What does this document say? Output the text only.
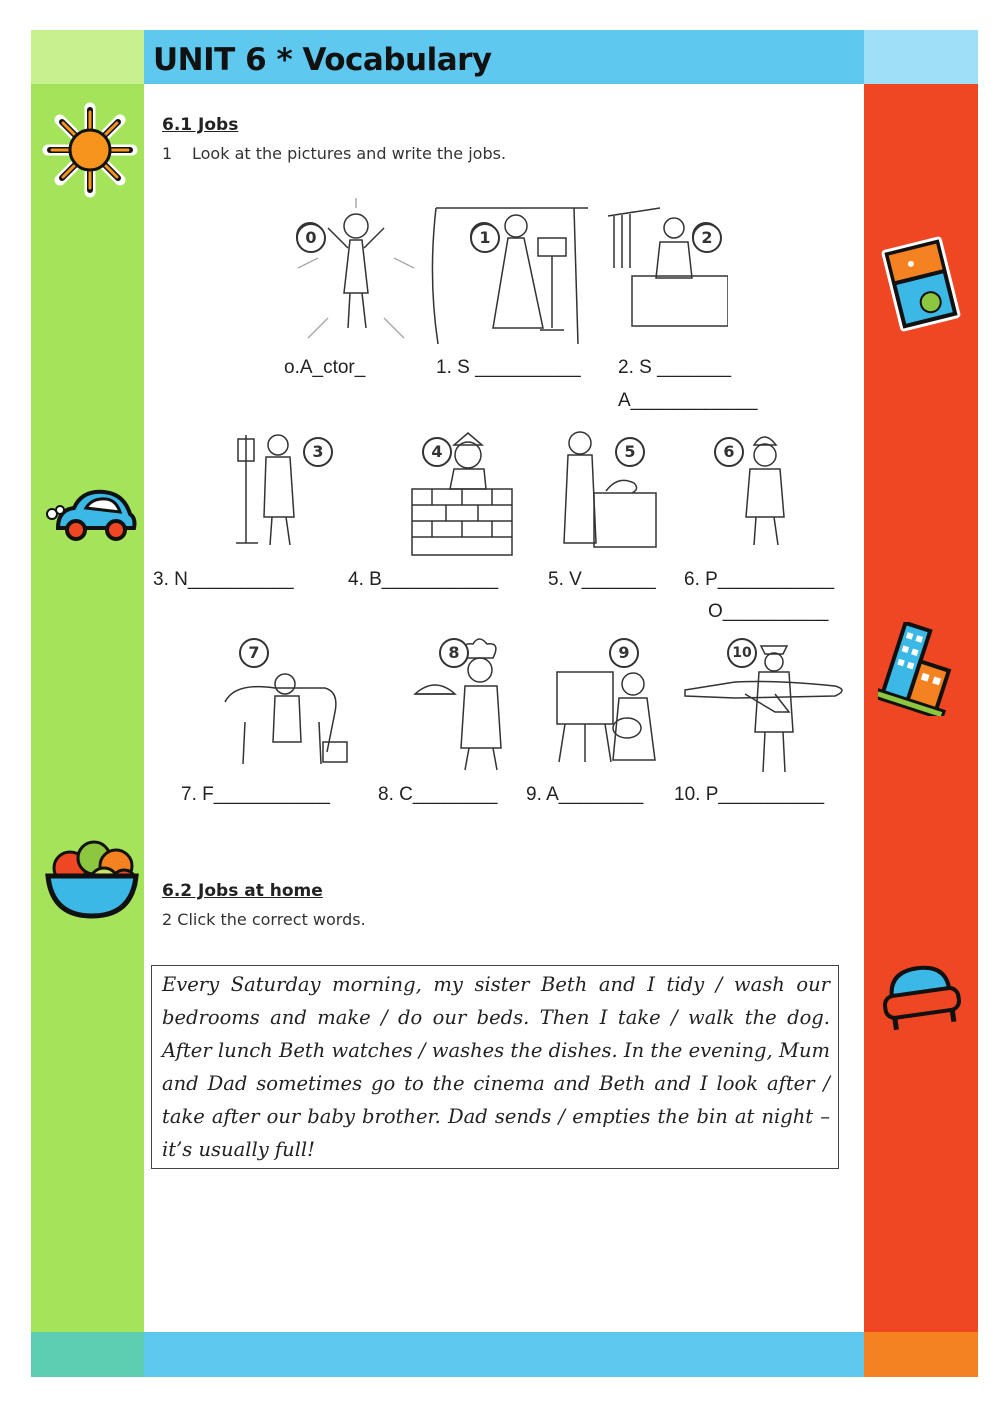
UNIT 6 * Vocabulary
6.1 Jobs
1 Look at the pictures and write the jobs.
0	1	2
o.A_ctor_	1. S __________ 2. S _______
A____________
3	4	5	6
3. N__________	4. B___________	5. V_______ 6. P___________
O__________
7	8	9	10
7. F___________	8. C________ 9. A________ 10. P__________
6.2 Jobs at home
2 Click the correct words.
Every Saturday morning, my sister Beth and I tidy / wash our bedrooms and make / do our beds. Then I take / walk the dog. After lunch Beth watches / washes the dishes. In the evening, Mum and Dad sometimes go to the cinema and Beth and I look after / take after our baby brother. Dad sends / empties the bin at night – it’s usually full!
